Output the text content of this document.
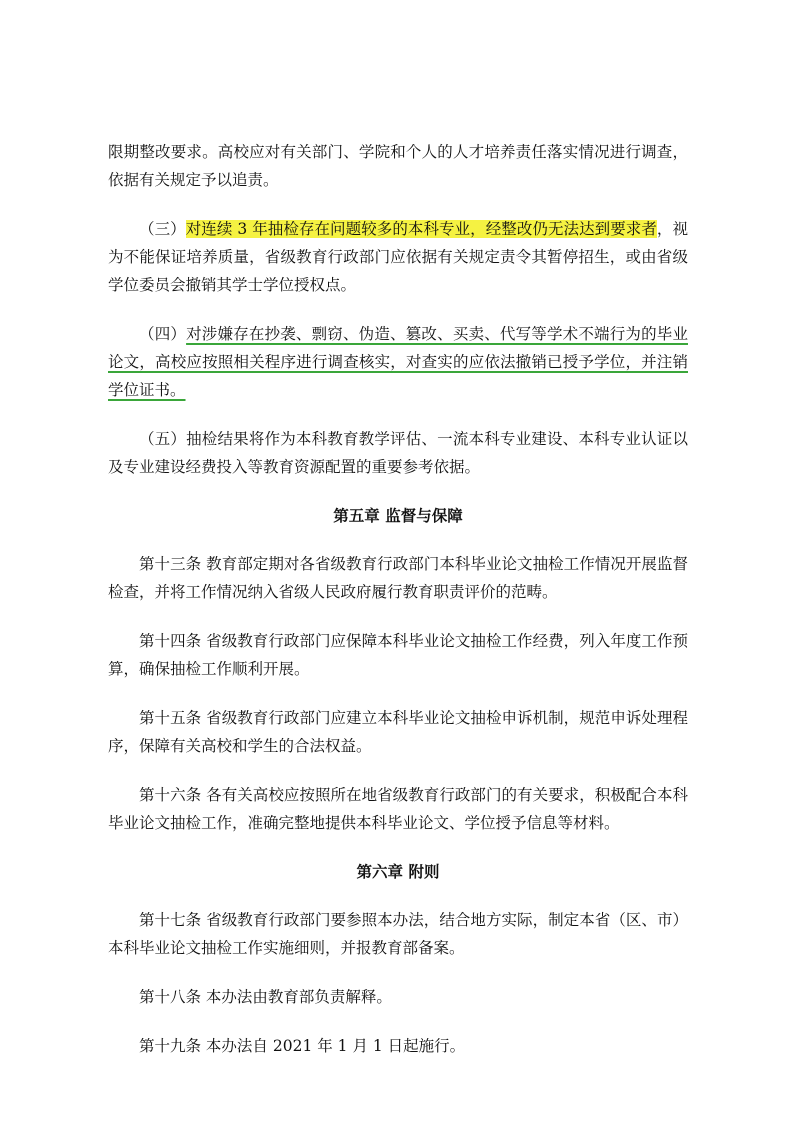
限期整改要求。高校应对有关部门、学院和个人的人才培养责任落实情况进行调查，依据有关规定予以追责。

（三）对连续 3 年抽检存在问题较多的本科专业，经整改仍无法达到要求者，视为不能保证培养质量，省级教育行政部门应依据有关规定责令其暂停招生，或由省级学位委员会撤销其学士学位授权点。

（四）对涉嫌存在抄袭、剽窃、伪造、篡改、买卖、代写等学术不端行为的毕业论文，高校应按照相关程序进行调查核实，对查实的应依法撤销已授予学位，并注销学位证书。

（五）抽检结果将作为本科教育教学评估、一流本科专业建设、本科专业认证以及专业建设经费投入等教育资源配置的重要参考依据。

第五章 监督与保障

第十三条 教育部定期对各省级教育行政部门本科毕业论文抽检工作情况开展监督检查，并将工作情况纳入省级人民政府履行教育职责评价的范畴。

第十四条 省级教育行政部门应保障本科毕业论文抽检工作经费，列入年度工作预算，确保抽检工作顺利开展。

第十五条 省级教育行政部门应建立本科毕业论文抽检申诉机制，规范申诉处理程序，保障有关高校和学生的合法权益。

第十六条 各有关高校应按照所在地省级教育行政部门的有关要求，积极配合本科毕业论文抽检工作，准确完整地提供本科毕业论文、学位授予信息等材料。

第六章 附则

第十七条 省级教育行政部门要参照本办法，结合地方实际，制定本省（区、市）本科毕业论文抽检工作实施细则，并报教育部备案。

第十八条 本办法由教育部负责解释。

第十九条 本办法自 2021 年 1 月 1 日起施行。
